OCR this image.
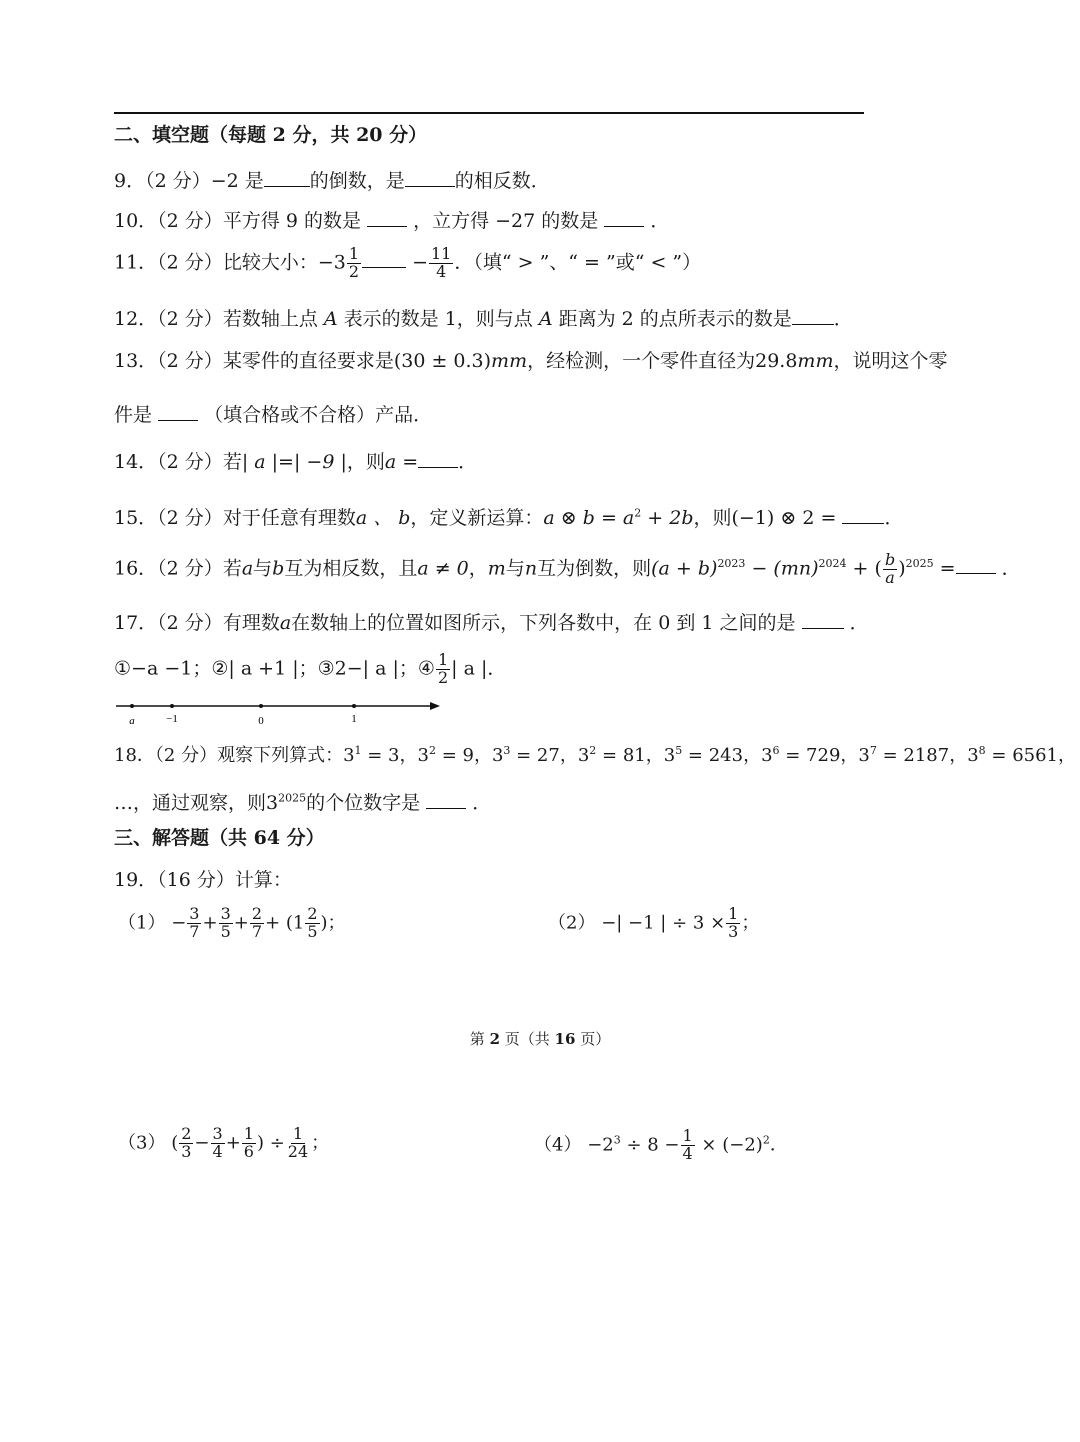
二、填空题（每题 2 分，共 20 分）
9．（2 分）−2 是 的倒数，是	的相反数．
10．（2 分）平方得 9 的数是	，立方得 −27 的数是	．
11．（2 分）比较大小：$-3 \frac{1}{2}$	− $\frac{11}{4}$ ．（填“ > ”、“ = ”或“ < ”）
12．（2 分）若数轴上点 A 表示的数是 1，则与点 A 距离为 2 的点所表示的数是 ．
13．（2 分）某零件的直径要求是(30 ± 0.3)mm，经检测，一个零件直径为29.8mm，说明这个零
件是	（填合格或不合格）产品．
14．（2 分）若| a |=| −9 |，则a = ．
15．（2 分）对于任意有理数a 、 b，定义新运算：a ⊗ $b = a^2 + 2b$，则(−1) ⊗ 2 =	．
16．（2 分）若a与b互为相反数，且a ≠ 0，m与n互为倒数，则$(a + b)^{2023} - (mn)^{2024}$ + ( $\frac{b}{a} )^{2025}$ = ．
17．（2 分）有理数a在数轴上的位置如图所示，下列各数中，在 0 到 1 之间的是	．
①−a −1；②| a +1 |；③2−| a |；④ $\frac{1}{2}$ | a |．
a	−1	0	1
18．（2 分）观察下列算式：$3^1 = 3$，$3^2 = 9$，$3^3 = 27$，$3^2 = 81$，$3^5 = 243$，$3^6 = 729$，$3^7 = 2187$，$3^8 = 6561$，
…，通过观察，则$3^{2025}$的个位数字是	．
三、解答题（共 64 分）
19．（16 分）计算：
$(1) - \frac{3}{7} + \frac{3}{5} + \frac{2}{7} + (1 \frac{2}{5}$ )；	（2） −| −1 | ÷ $3 \times \frac{1}{3}$ ；
（3） ( $\frac{2}{3} - \frac{3}{4} + \frac{1}{6}$ ) ÷ $\frac{1}{24}$ ；	$(4) -2^3 \div 8 - \frac{1}{4} \times (-2)^2$．
第 2 页（共 16 页）
